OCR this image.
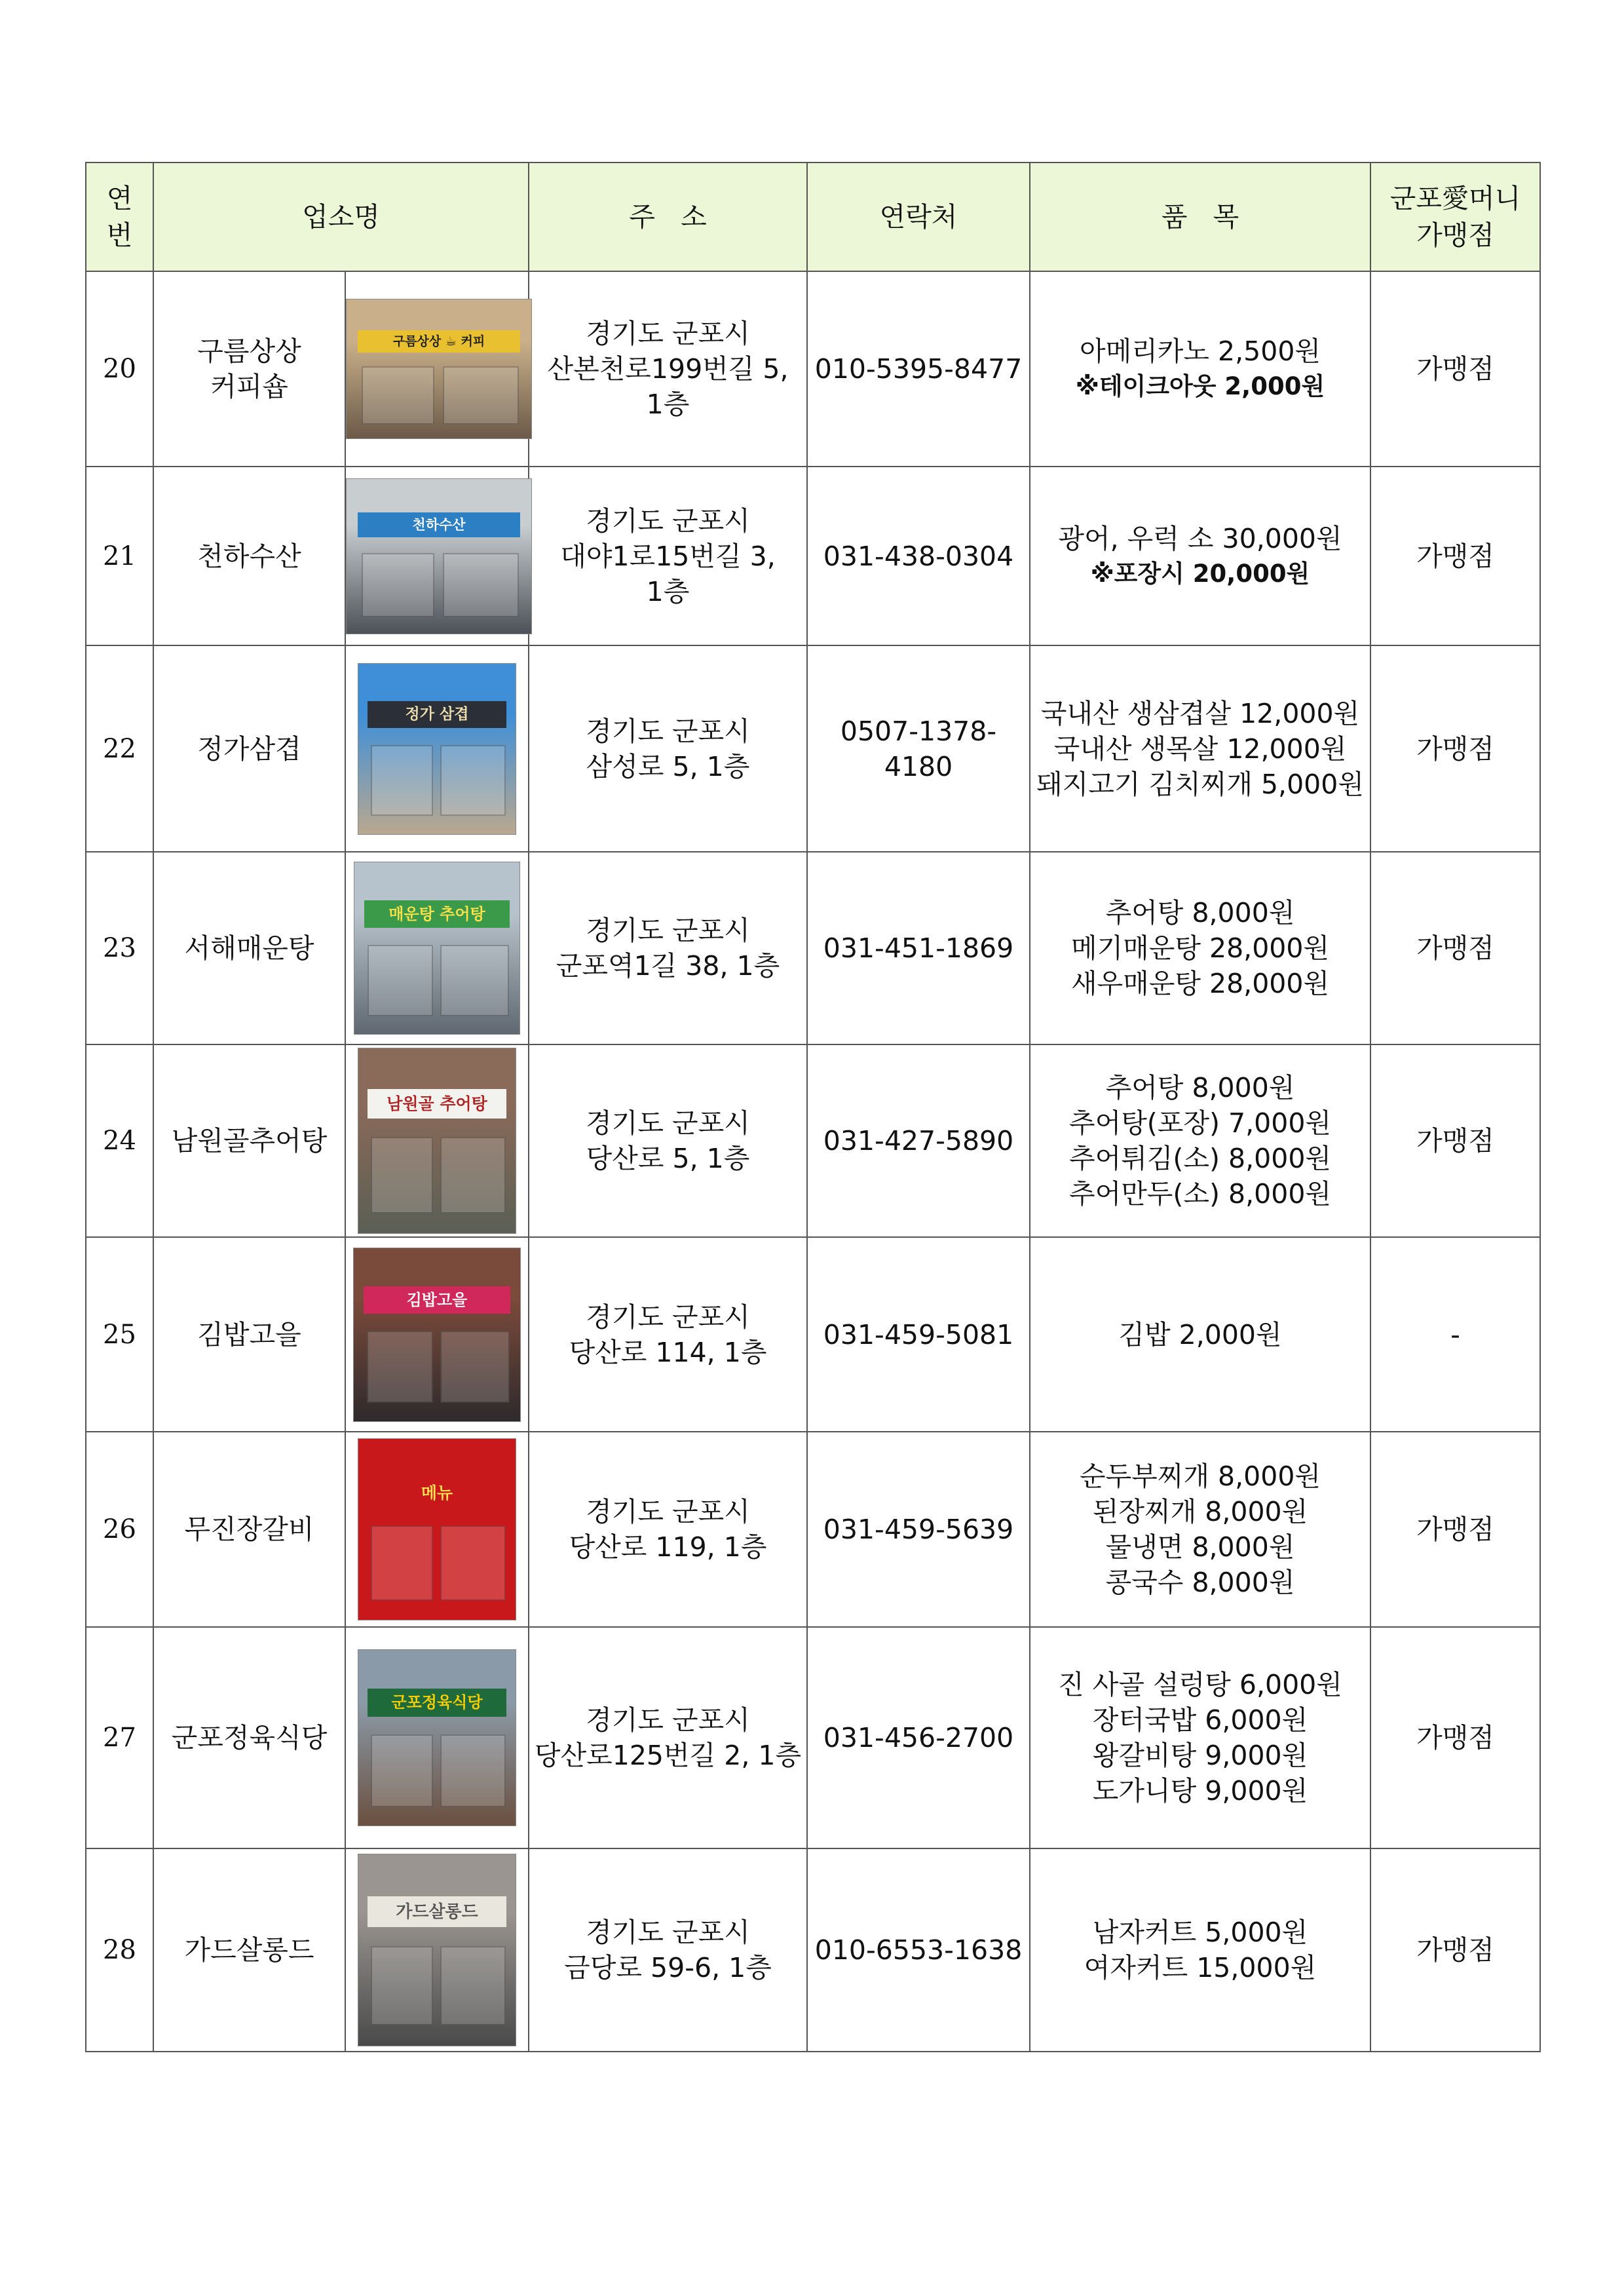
연
번	업소명		주   소	연락처	품   목	군포愛머니
가맹점

20	구름상상
커피숍	구름상상 ☕ 커피	경기도 군포시
산본천로199번길 5,
1층	010-5395-8477	아메리카노 2,500원
※테이크아웃 2,000원	가맹점
21	천하수산	천하수산	경기도 군포시
대야1로15번길 3,
1층	031-438-0304	광어, 우럭 소 30,000원
※포장시 20,000원	가맹점
22	정가삼겹	정가 삼겹	경기도 군포시
삼성로 5, 1층	0507-1378-4180	국내산 생삼겹살 12,000원
국내산 생목살 12,000원
돼지고기 김치찌개 5,000원	가맹점
23	서해매운탕	매운탕 추어탕	경기도 군포시
군포역1길 38, 1층	031-451-1869	추어탕 8,000원
메기매운탕 28,000원
새우매운탕 28,000원	가맹점
24	남원골추어탕	남원골 추어탕	경기도 군포시
당산로 5, 1층	031-427-5890	추어탕 8,000원
추어탕(포장) 7,000원
추어튀김(소) 8,000원
추어만두(소) 8,000원	가맹점
25	김밥고을	김밥고을	경기도 군포시
당산로 114, 1층	031-459-5081	김밥 2,000원	-
26	무진장갈비	메뉴	경기도 군포시
당산로 119, 1층	031-459-5639	순두부찌개 8,000원
된장찌개 8,000원
물냉면 8,000원
콩국수 8,000원	가맹점
27	군포정육식당	군포정육식당	경기도 군포시
당산로125번길 2, 1층	031-456-2700	진 사골 설렁탕 6,000원
장터국밥 6,000원
왕갈비탕 9,000원
도가니탕 9,000원	가맹점
28	가드살롱드	가드살롱드	경기도 군포시
금당로 59-6, 1층	010-6553-1638	남자커트 5,000원
여자커트 15,000원	가맹점
